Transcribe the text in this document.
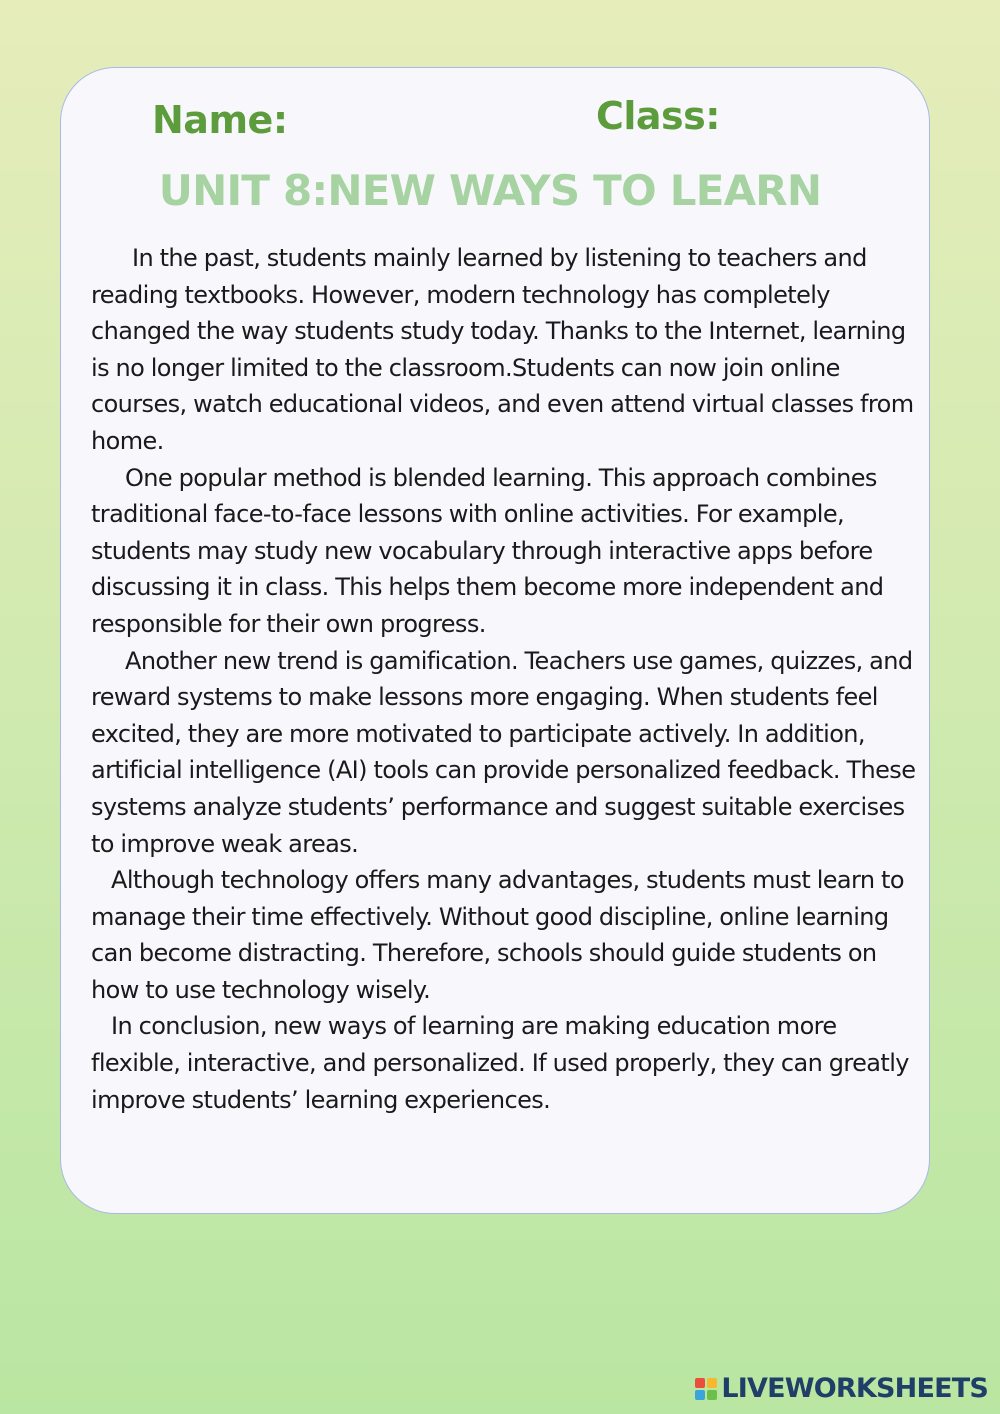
Name:	Class:
UNIT 8:NEW WAYS TO LEARN

In the past, students mainly learned by listening to teachers and reading textbooks. However, modern technology has completely changed the way students study today. Thanks to the Internet, learning is no longer limited to the classroom.Students can now join online courses, watch educational videos, and even attend virtual classes from home.

One popular method is blended learning. This approach combines traditional face-to-face lessons with online activities. For example, students may study new vocabulary through interactive apps before discussing it in class. This helps them become more independent and responsible for their own progress.

Another new trend is gamification. Teachers use games, quizzes, and reward systems to make lessons more engaging. When students feel excited, they are more motivated to participate actively. In addition, artificial intelligence (AI) tools can provide personalized feedback. These systems analyze students’ performance and suggest suitable exercises to improve weak areas.

Although technology offers many advantages, students must learn to manage their time effectively. Without good discipline, online learning can become distracting. Therefore, schools should guide students on how to use technology wisely.

In conclusion, new ways of learning are making education more flexible, interactive, and personalized. If used properly, they can greatly improve students’ learning experiences.

LIVEWORKSHEETS
